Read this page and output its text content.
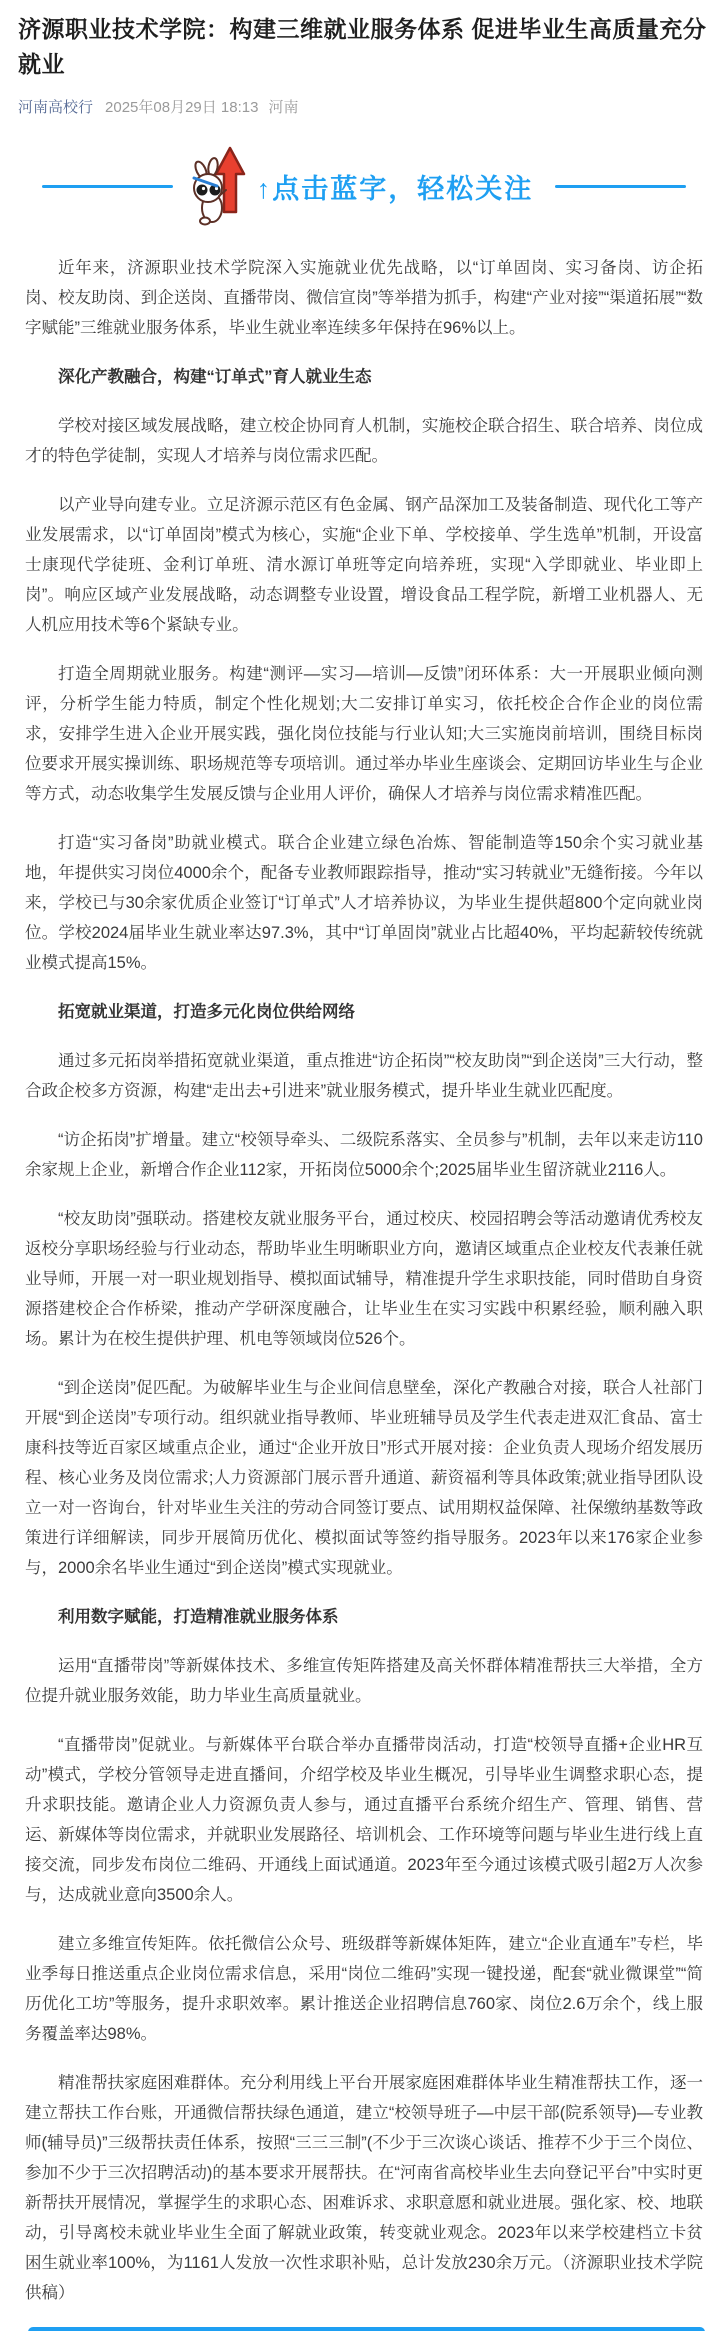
济源职业技术学院：构建三维就业服务体系 促进毕业生高质量充分就业
河南高校行 2025年08月29日 18:13 河南
↑点击蓝字，轻松关注

近年来，济源职业技术学院深入实施就业优先战略，以“订单固岗、实习备岗、访企拓岗、校友助岗、到企送岗、直播带岗、微信宣岗”等举措为抓手，构建“产业对接”“渠道拓展”“数字赋能”三维就业服务体系，毕业生就业率连续多年保持在96%以上。

深化产教融合，构建“订单式”育人就业生态

学校对接区域发展战略，建立校企协同育人机制，实施校企联合招生、联合培养、岗位成才的特色学徒制，实现人才培养与岗位需求匹配。

以产业导向建专业。立足济源示范区有色金属、钢产品深加工及装备制造、现代化工等产业发展需求，以“订单固岗”模式为核心，实施“企业下单、学校接单、学生选单”机制，开设富士康现代学徒班、金利订单班、清水源订单班等定向培养班，实现“入学即就业、毕业即上岗”。响应区域产业发展战略，动态调整专业设置，增设食品工程学院，新增工业机器人、无人机应用技术等6个紧缺专业。

打造全周期就业服务。构建“测评—实习—培训—反馈”闭环体系：大一开展职业倾向测评，分析学生能力特质，制定个性化规划;大二安排订单实习，依托校企合作企业的岗位需求，安排学生进入企业开展实践，强化岗位技能与行业认知;大三实施岗前培训，围绕目标岗位要求开展实操训练、职场规范等专项培训。通过举办毕业生座谈会、定期回访毕业生与企业等方式，动态收集学生发展反馈与企业用人评价，确保人才培养与岗位需求精准匹配。

打造“实习备岗”助就业模式。联合企业建立绿色冶炼、智能制造等150余个实习就业基地，年提供实习岗位4000余个，配备专业教师跟踪指导，推动“实习转就业”无缝衔接。今年以来，学校已与30余家优质企业签订“订单式”人才培养协议，为毕业生提供超800个定向就业岗位。学校2024届毕业生就业率达97.3%，其中“订单固岗”就业占比超40%，平均起薪较传统就业模式提高15%。

拓宽就业渠道，打造多元化岗位供给网络

通过多元拓岗举措拓宽就业渠道，重点推进“访企拓岗”“校友助岗”“到企送岗”三大行动，整合政企校多方资源，构建“走出去+引进来”就业服务模式，提升毕业生就业匹配度。

“访企拓岗”扩增量。建立“校领导牵头、二级院系落实、全员参与”机制，去年以来走访110余家规上企业，新增合作企业112家，开拓岗位5000余个;2025届毕业生留济就业2116人。

“校友助岗”强联动。搭建校友就业服务平台，通过校庆、校园招聘会等活动邀请优秀校友返校分享职场经验与行业动态，帮助毕业生明晰职业方向，邀请区域重点企业校友代表兼任就业导师，开展一对一职业规划指导、模拟面试辅导，精准提升学生求职技能，同时借助自身资源搭建校企合作桥梁，推动产学研深度融合，让毕业生在实习实践中积累经验，顺利融入职场。累计为在校生提供护理、机电等领域岗位526个。

“到企送岗”促匹配。为破解毕业生与企业间信息壁垒，深化产教融合对接，联合人社部门开展“到企送岗”专项行动。组织就业指导教师、毕业班辅导员及学生代表走进双汇食品、富士康科技等近百家区域重点企业，通过“企业开放日”形式开展对接：企业负责人现场介绍发展历程、核心业务及岗位需求;人力资源部门展示晋升通道、薪资福利等具体政策;就业指导团队设立一对一咨询台，针对毕业生关注的劳动合同签订要点、试用期权益保障、社保缴纳基数等政策进行详细解读，同步开展简历优化、模拟面试等签约指导服务。2023年以来176家企业参与，2000余名毕业生通过“到企送岗”模式实现就业。

利用数字赋能，打造精准就业服务体系

运用“直播带岗”等新媒体技术、多维宣传矩阵搭建及高关怀群体精准帮扶三大举措，全方位提升就业服务效能，助力毕业生高质量就业。

“直播带岗”促就业。与新媒体平台联合举办直播带岗活动，打造“校领导直播+企业HR互动”模式，学校分管领导走进直播间，介绍学校及毕业生概况，引导毕业生调整求职心态，提升求职技能。邀请企业人力资源负责人参与，通过直播平台系统介绍生产、管理、销售、营运、新媒体等岗位需求，并就职业发展路径、培训机会、工作环境等问题与毕业生进行线上直接交流，同步发布岗位二维码、开通线上面试通道。2023年至今通过该模式吸引超2万人次参与，达成就业意向3500余人。

建立多维宣传矩阵。依托微信公众号、班级群等新媒体矩阵，建立“企业直通车”专栏，毕业季每日推送重点企业岗位需求信息，采用“岗位二维码”实现一键投递，配套“就业微课堂”“简历优化工坊”等服务，提升求职效率。累计推送企业招聘信息760家、岗位2.6万余个，线上服务覆盖率达98%。

精准帮扶家庭困难群体。充分利用线上平台开展家庭困难群体毕业生精准帮扶工作，逐一建立帮扶工作台账，开通微信帮扶绿色通道，建立“校领导班子—中层干部(院系领导)—专业教师(辅导员)”三级帮扶责任体系，按照“三三三制”(不少于三次谈心谈话、推荐不少于三个岗位、参加不少于三次招聘活动)的基本要求开展帮扶。在“河南省高校毕业生去向登记平台”中实时更新帮扶开展情况，掌握学生的求职心态、困难诉求、求职意愿和就业进展。强化家、校、地联动，引导离校未就业毕业生全面了解就业政策，转变就业观念。2023年以来学校建档立卡贫困生就业率100%，为1161人发放一次性求职补贴，总计发放230余万元。（济源职业技术学院供稿）
